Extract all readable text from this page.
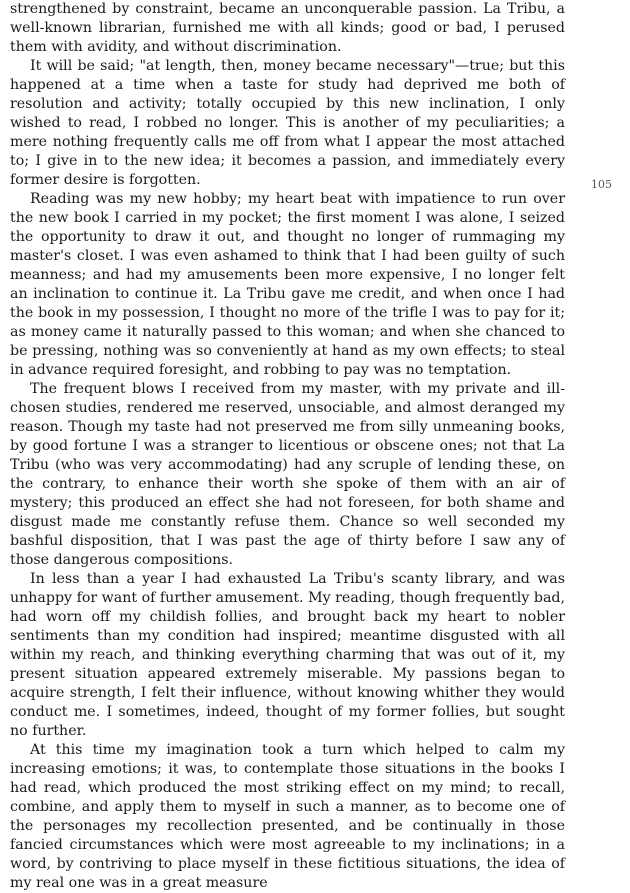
strengthened by constraint, became an unconquerable passion. La Tribu, a well-known librarian, furnished me with all kinds; good or bad, I perused them with avidity, and without discrimination.

It will be said; "at length, then, money became necessary"—true; but this happened at a time when a taste for study had deprived me both of resolution and activity; totally occupied by this new inclination, I only wished to read, I robbed no longer. This is another of my peculiarities; a mere nothing frequently calls me off from what I appear the most attached to; I give in to the new idea; it becomes a passion, and immediately every former desire is forgotten.

Reading was my new hobby; my heart beat with impatience to run over the new book I carried in my pocket; the first moment I was alone, I seized the opportunity to draw it out, and thought no longer of rummaging my master's closet. I was even ashamed to think that I had been guilty of such meanness; and had my amusements been more expensive, I no longer felt an inclination to continue it. La Tribu gave me credit, and when once I had the book in my possession, I thought no more of the trifle I was to pay for it; as money came it naturally passed to this woman; and when she chanced to be pressing, nothing was so conveniently at hand as my own effects; to steal in advance required foresight, and robbing to pay was no temptation.

The frequent blows I received from my master, with my private and ill-chosen studies, rendered me reserved, unsociable, and almost deranged my reason. Though my taste had not preserved me from silly unmeaning books, by good fortune I was a stranger to licentious or obscene ones; not that La Tribu (who was very accommodating) had any scruple of lending these, on the contrary, to enhance their worth she spoke of them with an air of mystery; this produced an effect she had not foreseen, for both shame and disgust made me constantly refuse them. Chance so well seconded my bashful disposition, that I was past the age of thirty before I saw any of those dangerous compositions.

In less than a year I had exhausted La Tribu's scanty library, and was unhappy for want of further amusement. My reading, though frequently bad, had worn off my childish follies, and brought back my heart to nobler sentiments than my condition had inspired; meantime disgusted with all within my reach, and thinking everything charming that was out of it, my present situation appeared extremely miserable. My passions began to acquire strength, I felt their influence, without knowing whither they would conduct me. I sometimes, indeed, thought of my former follies, but sought no further.

At this time my imagination took a turn which helped to calm my increasing emotions; it was, to contemplate those situations in the books I had read, which produced the most striking effect on my mind; to recall, combine, and apply them to myself in such a manner, as to become one of the personages my recollection presented, and be continually in those fancied circumstances which were most agreeable to my inclinations; in a word, by contriving to place myself in these fictitious situations, the idea of my real one was in a great measure

105
